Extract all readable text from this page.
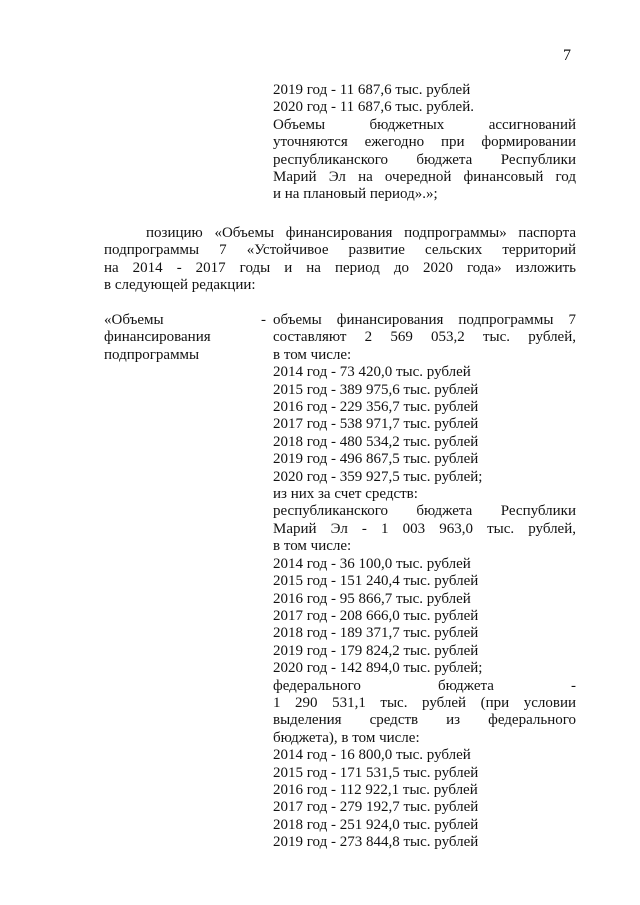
7

2019 год - 11 687,6 тыс. рублей

2020 год - 11 687,6 тыс. рублей.

Объемы бюджетных ассигнований

уточняются ежегодно при формировании

республиканского бюджета Республики

Марий Эл на очередной финансовый год

и на плановый период».»;

позицию «Объемы финансирования подпрограммы» паспорта

подпрограммы 7 «Устойчивое развитие сельских территорий

на 2014 - 2017 годы и на период до 2020 года» изложить

в следующей редакции:

«Объемы
финансирования
подпрограммы
- объемы финансирования подпрограммы 7

составляют 2 569 053,2 тыс. рублей,

в том числе:

2014 год - 73 420,0 тыс. рублей

2015 год - 389 975,6 тыс. рублей

2016 год - 229 356,7 тыс. рублей

2017 год - 538 971,7 тыс. рублей

2018 год - 480 534,2 тыс. рублей

2019 год - 496 867,5 тыс. рублей

2020 год - 359 927,5 тыс. рублей;

из них за счет средств:

республиканского бюджета Республики

Марий Эл - 1 003 963,0 тыс. рублей,

в том числе:

2014 год - 36 100,0 тыс. рублей

2015 год - 151 240,4 тыс. рублей

2016 год - 95 866,7 тыс. рублей

2017 год - 208 666,0 тыс. рублей

2018 год - 189 371,7 тыс. рублей

2019 год - 179 824,2 тыс. рублей

2020 год - 142 894,0 тыс. рублей;

федерального бюджета -

1 290 531,1 тыс. рублей (при условии

выделения средств из федерального

бюджета), в том числе:

2014 год - 16 800,0 тыс. рублей

2015 год - 171 531,5 тыс. рублей

2016 год - 112 922,1 тыс. рублей

2017 год - 279 192,7 тыс. рублей

2018 год - 251 924,0 тыс. рублей

2019 год - 273 844,8 тыс. рублей
